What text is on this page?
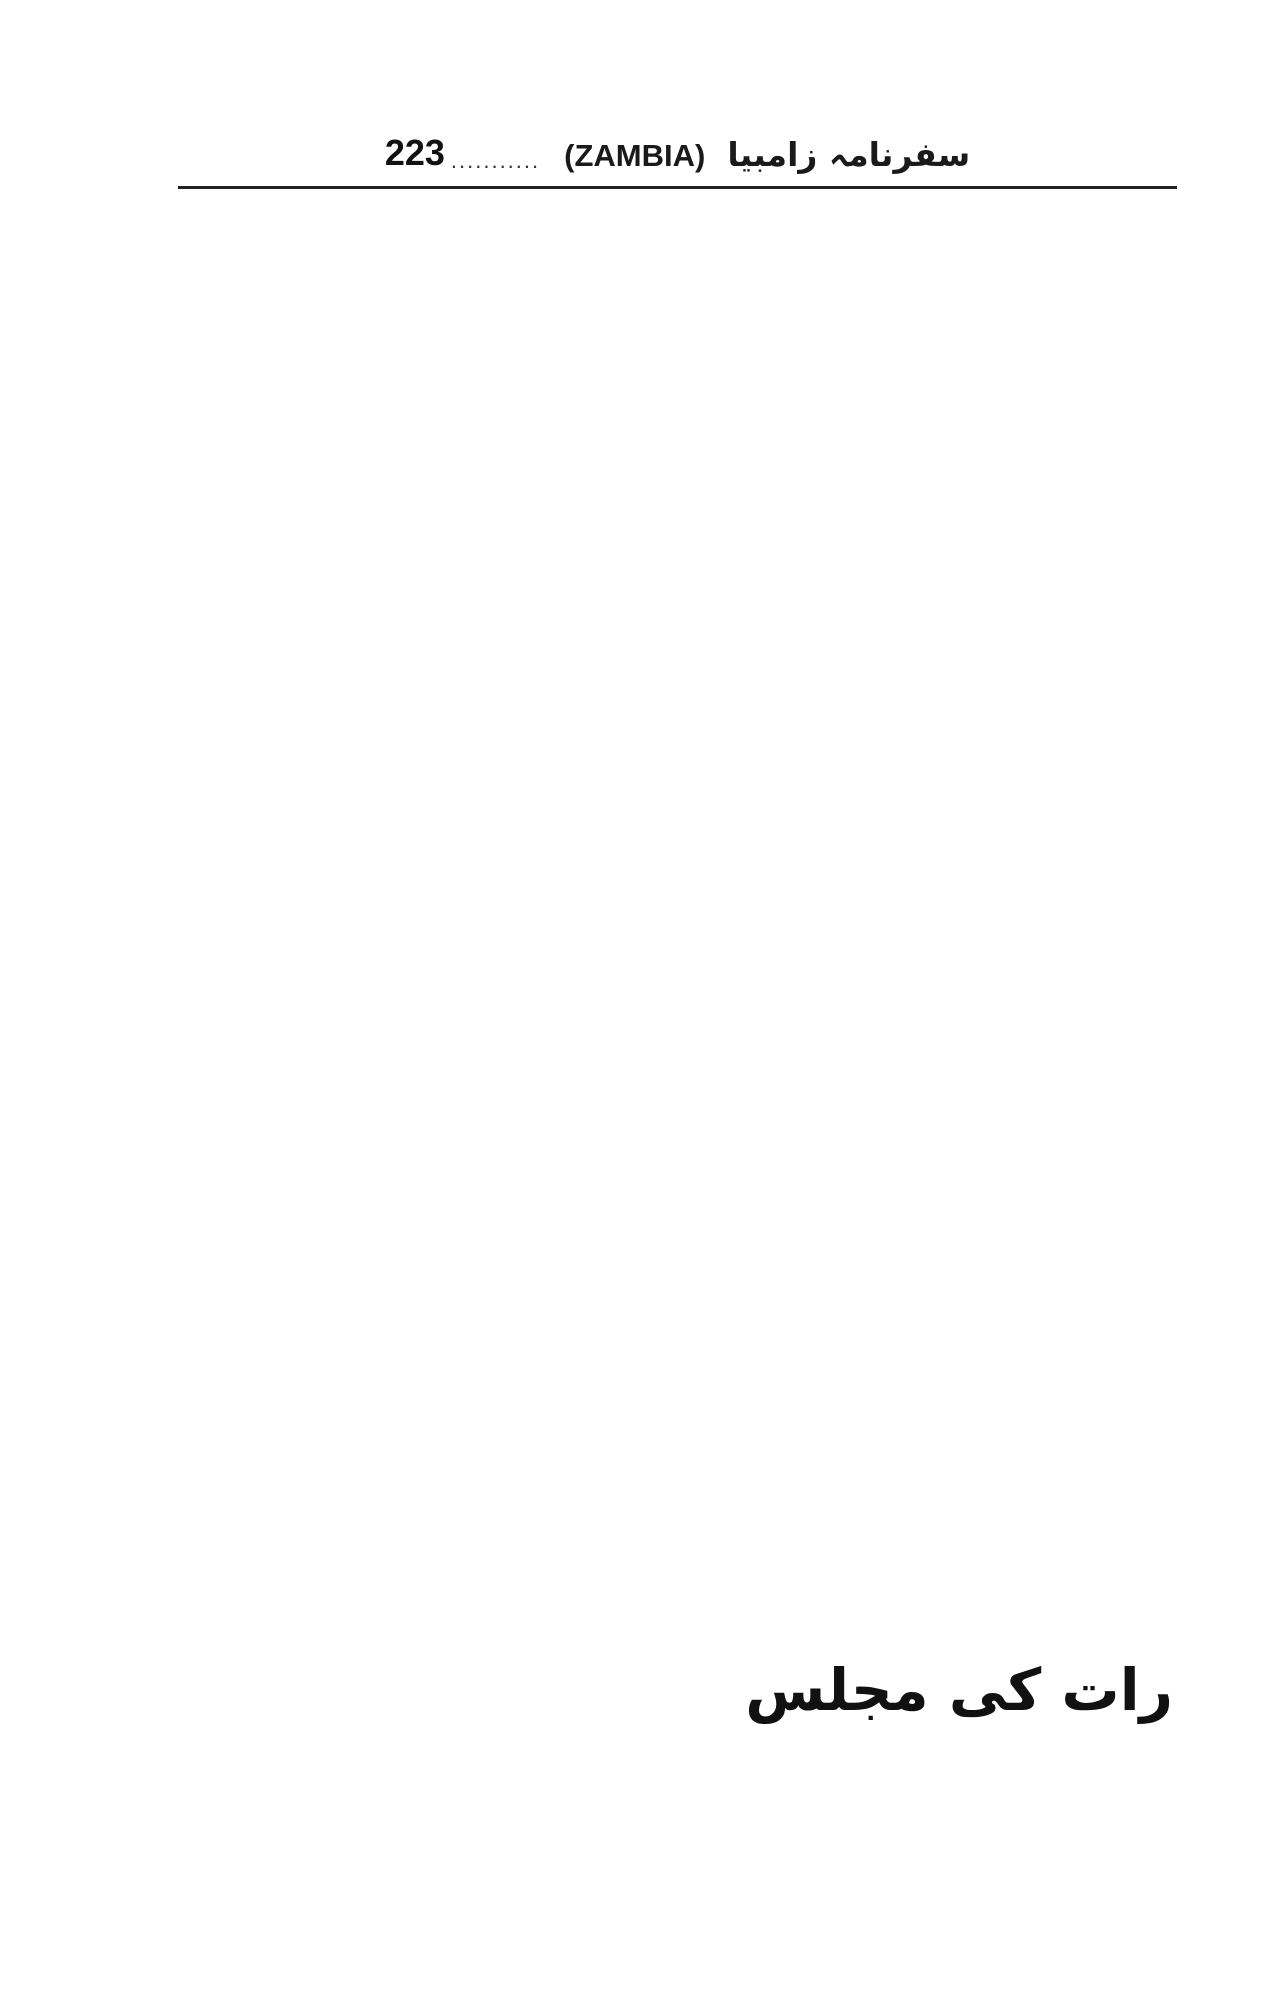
223 ........... (ZAMBIA) سفرنامہ زامبیا
رات کی مجلس
